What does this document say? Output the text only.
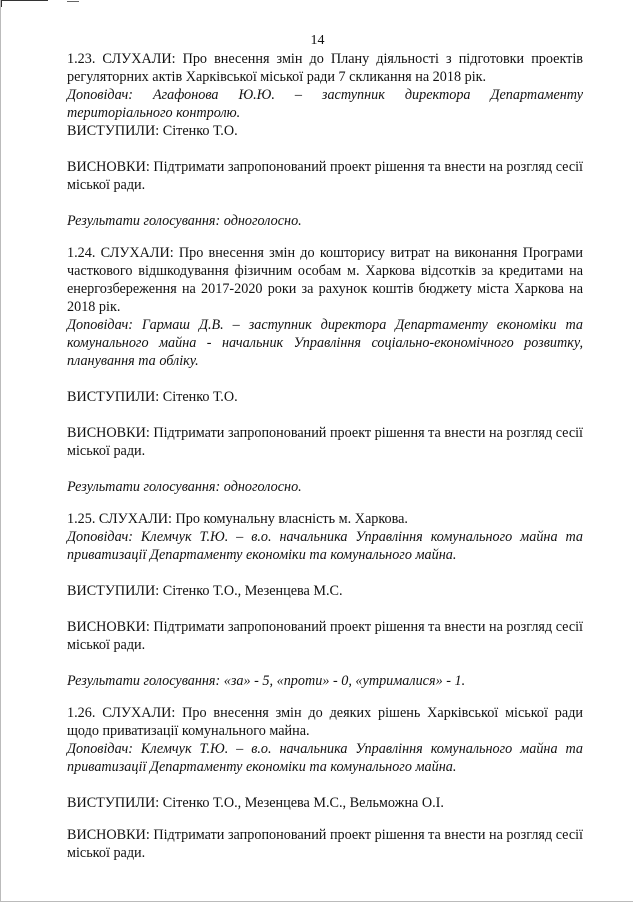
14

1.23. СЛУХАЛИ: Про внесення змін до Плану діяльності з підготовки проектів регуляторних актів Харківської міської ради 7 скликання на 2018 рік.

Доповідач: Агафонова Ю.Ю. – заступник директора Департаменту територіального контролю.

ВИСТУПИЛИ: Сітенко Т.О.

ВИСНОВКИ: Підтримати запропонований проект рішення та внести на розгляд сесії міської ради.

Результати голосування: одноголосно.

1.24. СЛУХАЛИ: Про внесення змін до кошторису витрат на виконання Програми часткового відшкодування фізичним особам м. Харкова відсотків за кредитами на енергозбереження на 2017-2020 роки за рахунок коштів бюджету міста Харкова на 2018 рік.

Доповідач: Гармаш Д.В. – заступник директора Департаменту економіки та комунального майна - начальник Управління соціально-економічного розвитку, планування та обліку.

ВИСТУПИЛИ: Сітенко Т.О.

ВИСНОВКИ: Підтримати запропонований проект рішення та внести на розгляд сесії міської ради.

Результати голосування: одноголосно.

1.25. СЛУХАЛИ: Про комунальну власність м. Харкова.

Доповідач: Клемчук Т.Ю. – в.о. начальника Управління комунального майна та приватизації Департаменту економіки та комунального майна.

ВИСТУПИЛИ: Сітенко Т.О., Мезенцева М.С.

ВИСНОВКИ: Підтримати запропонований проект рішення та внести на розгляд сесії міської ради.

Результати голосування: «за» - 5, «проти» - 0, «утрималися» - 1.

1.26. СЛУХАЛИ: Про внесення змін до деяких рішень Харківської міської ради щодо приватизації комунального майна.

Доповідач: Клемчук Т.Ю. – в.о. начальника Управління комунального майна та приватизації Департаменту економіки та комунального майна.

ВИСТУПИЛИ: Сітенко Т.О., Мезенцева М.С., Вельможна О.І.

ВИСНОВКИ: Підтримати запропонований проект рішення та внести на розгляд сесії міської ради.
